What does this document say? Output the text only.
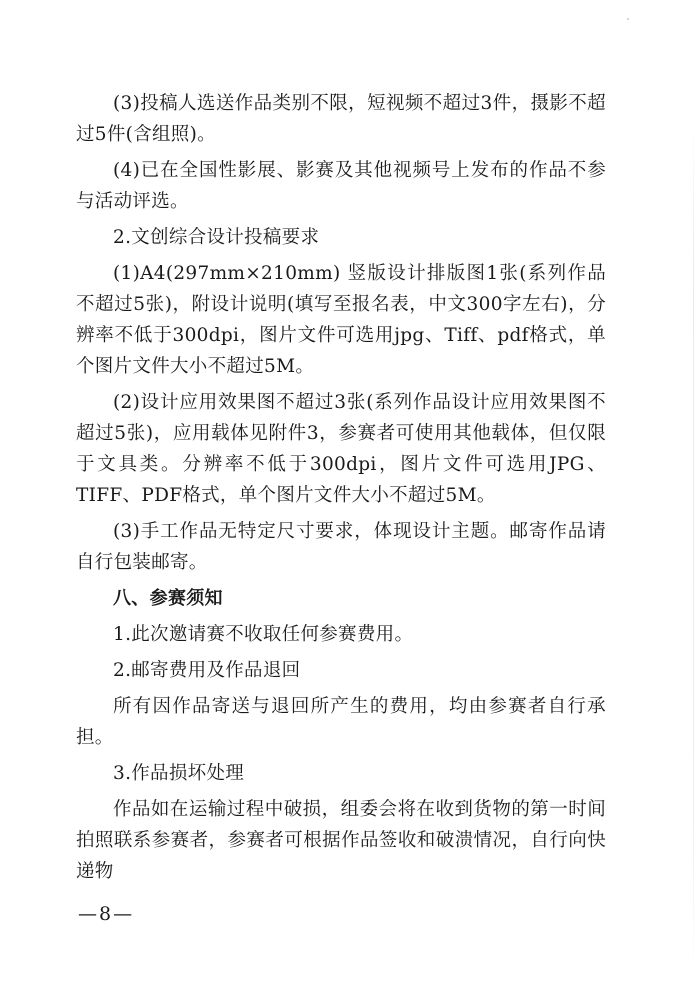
(3)投稿人选送作品类别不限，短视频不超过3件，摄影不超过5件(含组照)。

(4)已在全国性影展、影赛及其他视频号上发布的作品不参与活动评选。

2.文创综合设计投稿要求

(1)A4(297mm×210mm) 竖版设计排版图1张(系列作品不超过5张)，附设计说明(填写至报名表，中文300字左右)，分辨率不低于300dpi，图片文件可选用jpg、Tiff、pdf格式，单个图片文件大小不超过5M。

(2)设计应用效果图不超过3张(系列作品设计应用效果图不超过5张)，应用载体见附件3，参赛者可使用其他载体，但仅限于文具类。分辨率不低于300dpi，图片文件可选用JPG、TIFF、PDF格式，单个图片文件大小不超过5M。

(3)手工作品无特定尺寸要求，体现设计主题。邮寄作品请自行包装邮寄。

八、参赛须知

1.此次邀请赛不收取任何参赛费用。

2.邮寄费用及作品退回

所有因作品寄送与退回所产生的费用，均由参赛者自行承担。

3.作品损坏处理

作品如在运输过程中破损，组委会将在收到货物的第一时间拍照联系参赛者，参赛者可根据作品签收和破溃情况，自行向快递物

—8—
